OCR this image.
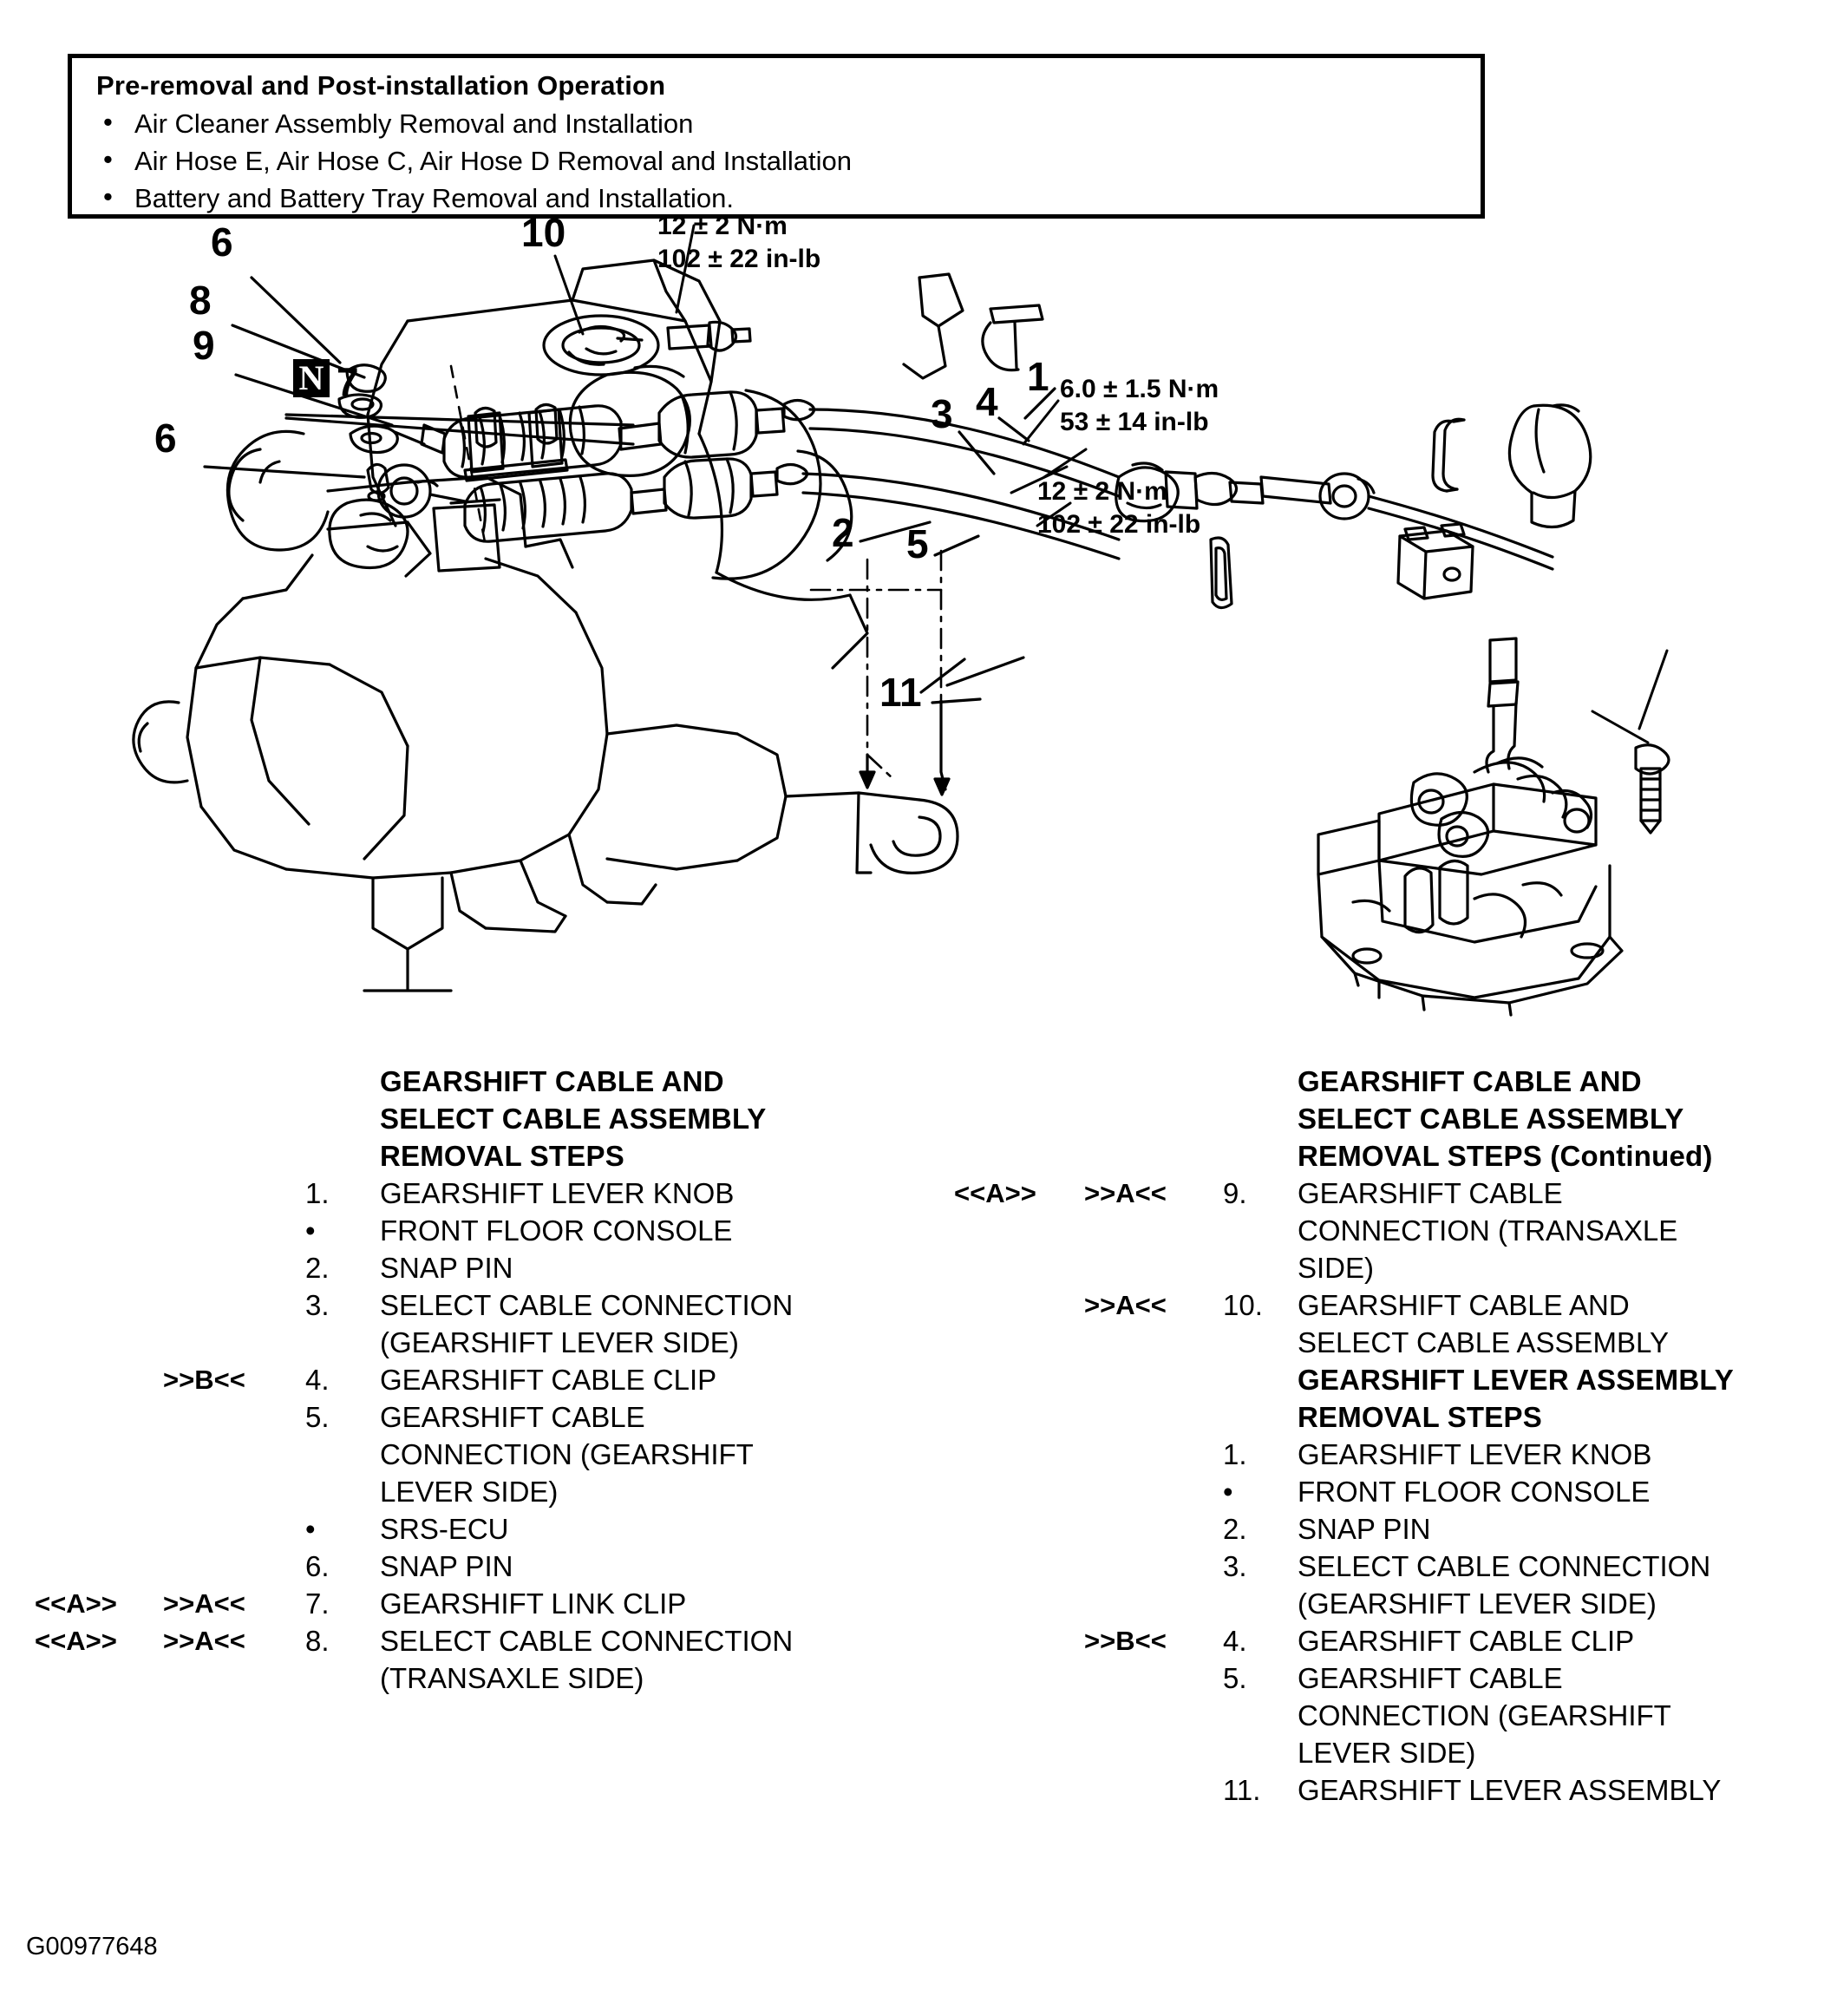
Pre-removal and Post-installation Operation
• Air Cleaner Assembly Removal and Installation
• Air Hose E, Air Hose C, Air Hose D Removal and Installation
• Battery and Battery Tray Removal and Installation.
6
8
9
N 7
6
10
3 4
1
2 5
11
12 ± 2 N·m
102 ± 22 in-lb
6.0 ± 1.5 N·m
53 ± 14 in-lb
12 ± 2 N·m
102 ± 22 in-lb
GEARSHIFT CABLE AND
SELECT CABLE ASSEMBLY
REMOVAL STEPS
1.	GEARSHIFT LEVER KNOB
•	FRONT FLOOR CONSOLE
2.	SNAP PIN
3.	SELECT CABLE CONNECTION
(GEARSHIFT LEVER SIDE)
>>B<< 4.	GEARSHIFT CABLE CLIP
5.	GEARSHIFT CABLE
CONNECTION (GEARSHIFT
LEVER SIDE)
•	SRS-ECU
6.	SNAP PIN
<<A>> >>A<< 7.	GEARSHIFT LINK CLIP
<<A>> >>A<< 8.	SELECT CABLE CONNECTION
(TRANSAXLE SIDE)
GEARSHIFT CABLE AND
SELECT CABLE ASSEMBLY
REMOVAL STEPS (Continued)
<<A>> >>A<< 9.	GEARSHIFT CABLE
CONNECTION (TRANSAXLE
SIDE)
>>A<< 10.	GEARSHIFT CABLE AND
SELECT CABLE ASSEMBLY
GEARSHIFT LEVER ASSEMBLY
REMOVAL STEPS
1.	GEARSHIFT LEVER KNOB
•	FRONT FLOOR CONSOLE
2.	SNAP PIN
3.	SELECT CABLE CONNECTION
(GEARSHIFT LEVER SIDE)
>>B<< 4.	GEARSHIFT CABLE CLIP
5.	GEARSHIFT CABLE
CONNECTION (GEARSHIFT
LEVER SIDE)
11.	GEARSHIFT LEVER ASSEMBLY
G00977648
